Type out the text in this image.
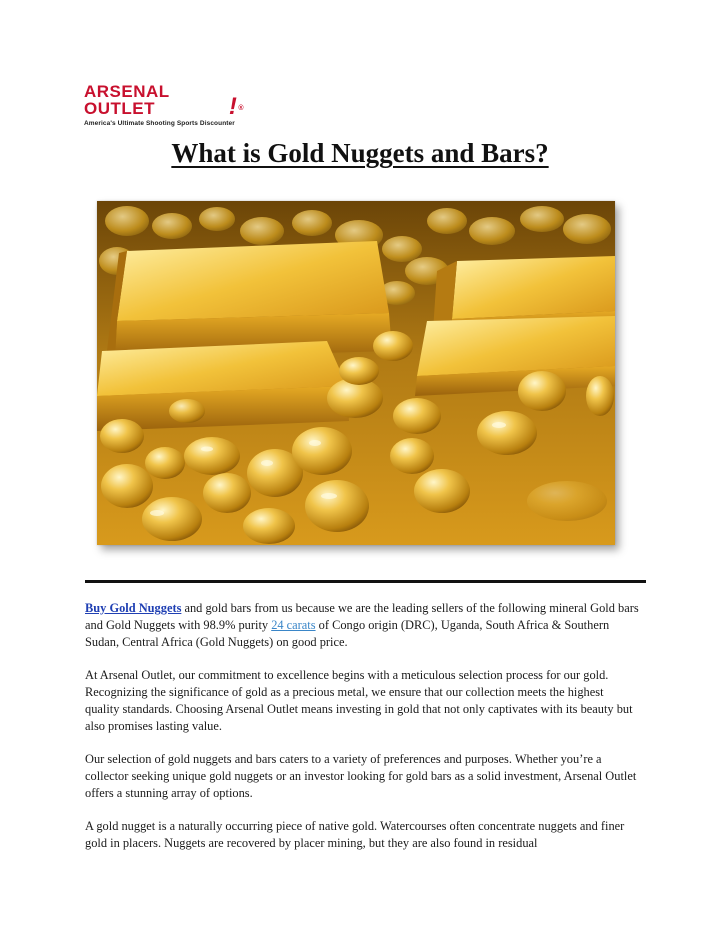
ARSENAL OUTLET	! ®
America's Ultimate Shooting Sports Discounter
What is Gold Nuggets and Bars?

Buy Gold Nuggets and gold bars from us because we are the leading sellers of the following mineral Gold bars and Gold Nuggets with 98.9% purity 24 carats of Congo origin (DRC), Uganda, South Africa & Southern Sudan, Central Africa (Gold Nuggets) on good price.

At Arsenal Outlet, our commitment to excellence begins with a meticulous selection process for our gold. Recognizing the significance of gold as a precious metal, we ensure that our collection meets the highest quality standards. Choosing Arsenal Outlet means investing in gold that not only captivates with its beauty but also promises lasting value.

Our selection of gold nuggets and bars caters to a variety of preferences and purposes. Whether you’re a collector seeking unique gold nuggets or an investor looking for gold bars as a solid investment, Arsenal Outlet offers a stunning array of options.

A gold nugget is a naturally occurring piece of native gold. Watercourses often concentrate nuggets and finer gold in placers. Nuggets are recovered by placer mining, but they are also found in residual
